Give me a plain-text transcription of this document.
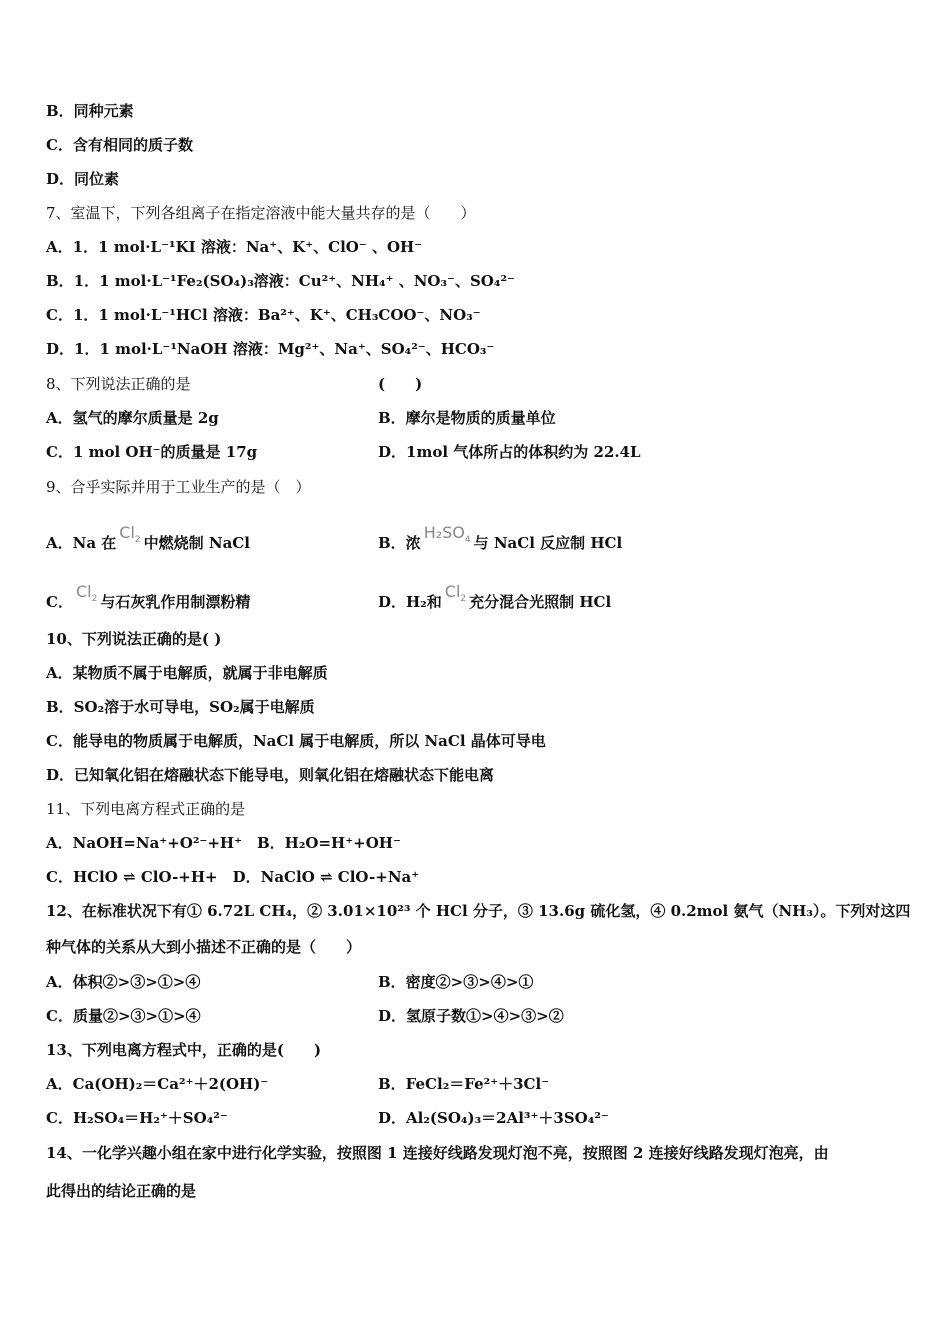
B．同种元素
C．含有相同的质子数
D．同位素
7、室温下，下列各组离子在指定溶液中能大量共存的是（　　）
A．1．1 mol·L⁻¹KI 溶液：Na⁺、K⁺、ClO⁻ 、OH⁻
B．1．1 mol·L⁻¹Fe₂(SO₄)₃溶液：Cu²⁺、NH₄⁺ 、NO₃⁻、SO₄²⁻
C．1．1 mol·L⁻¹HCl 溶液：Ba²⁺、K⁺、CH₃COO⁻、NO₃⁻
D．1．1 mol·L⁻¹NaOH 溶液：Mg²⁺、Na⁺、SO₄²⁻、HCO₃⁻
8、下列说法正确的是	(　　)
A．氢气的摩尔质量是 2g	B．摩尔是物质的质量单位
C．1 mol OH⁻的质量是 17g	D．1mol 气体所占的体积约为 22.4L
9、合乎实际并用于工业生产的是（　）
A．Na 在$Cl_2$ 中燃烧制 NaCl	B．浓$H_2SO_4$ 与 NaCl 反应制 HCl
C．$Cl_2$ 与石灰乳作用制漂粉精	D．H₂和$Cl_2$ 充分混合光照制 HCl
10、下列说法正确的是( )
A．某物质不属于电解质，就属于非电解质
B．SO₂溶于水可导电，SO₂属于电解质
C．能导电的物质属于电解质，NaCl 属于电解质，所以 NaCl 晶体可导电
D．已知氧化铝在熔融状态下能导电，则氧化铝在熔融状态下能电离
11、下列电离方程式正确的是
A．NaOH=Na⁺+O²⁻+H⁺　B．H₂O=H⁺+OH⁻
C．HClO ⇌ ClO-+H+　D．NaClO ⇌ ClO-+Na⁺
12、在标准状况下有① 6.72L CH₄，② 3.01×10²³ 个 HCl 分子，③ 13.6g 硫化氢，④ 0.2mol 氨气（NH₃）。下列对这四
种气体的关系从大到小描述不正确的是（　　）
A．体积②>③>①>④	B．密度②>③>④>①
C．质量②>③>①>④	D．氢原子数①>④>③>②
13、下列电离方程式中，正确的是(　　)
A．Ca(OH)₂＝Ca²⁺＋2(OH)⁻	B．FeCl₂＝Fe²⁺＋3Cl⁻
C．H₂SO₄＝H₂⁺＋SO₄²⁻	D．Al₂(SO₄)₃＝2Al³⁺＋3SO₄²⁻
14、一化学兴趣小组在家中进行化学实验，按照图 1 连接好线路发现灯泡不亮，按照图 2 连接好线路发现灯泡亮，由
此得出的结论正确的是
